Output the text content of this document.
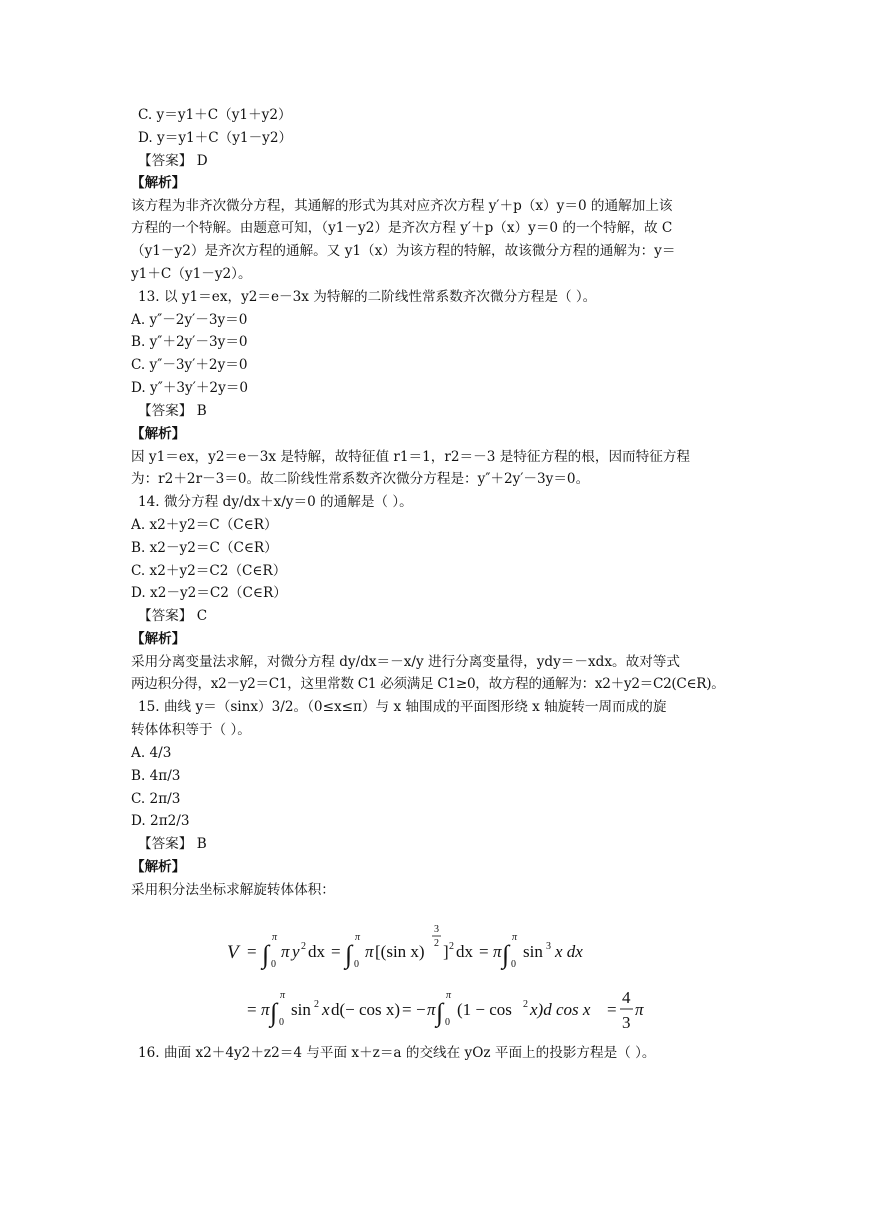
C. y＝y1＋C（y1＋y2）
D. y＝y1＋C（y1－y2）
【答案】 D
【解析】
该方程为非齐次微分方程，其通解的形式为其对应齐次方程 y′＋p（x）y＝0 的通解加上该
方程的一个特解。由题意可知，（y1－y2）是齐次方程 y′＋p（x）y＝0 的一个特解，故 C
（y1－y2）是齐次方程的通解。又 y1（x）为该方程的特解，故该微分方程的通解为：y＝
y1＋C（y1－y2）。
13. 以 y1＝ex，y2＝e－3x 为特解的二阶线性常系数齐次微分方程是（ ）。
A. y″－2y′－3y＝0
B. y″＋2y′－3y＝0
C. y″－3y′＋2y＝0
D. y″＋3y′＋2y＝0
【答案】 B
【解析】
因 y1＝ex，y2＝e－3x 是特解，故特征值 r1＝1，r2＝－3 是特征方程的根，因而特征方程
为：r2＋2r－3＝0。故二阶线性常系数齐次微分方程是：y″＋2y′－3y＝0。
14. 微分方程 dy/dx＋x/y＝0 的通解是（ ）。
A. x2＋y2＝C（C∈R）
B. x2－y2＝C（C∈R）
C. x2＋y2＝C2（C∈R）
D. x2－y2＝C2（C∈R）
【答案】 C
【解析】
采用分离变量法求解，对微分方程 dy/dx＝－x/y 进行分离变量得，ydy＝－xdx。故对等式
两边积分得，x2－y2＝C1，这里常数 C1 必须满足 C1≥0，故方程的通解为：x2＋y2＝C2(C∈R)。
15. 曲线 y＝（sinx）3/2。（0≤x≤π）与 x 轴围成的平面图形绕 x 轴旋转一周而成的旋
转体体积等于（ ）。
A. 4/3
B. 4π/3
C. 2π/3
D. 2π2/3
【答案】 B
【解析】
采用积分法坐标求解旋转体体积：
V = ∫
π
0
π y 2 dx = ∫
π
0
π [(sin x)
3
2 ] 2 dx = π ∫
π
0
sin 3 x dx
= π ∫
π
0
sin 2 x d(− cos x) = − π ∫
π
0
(1 − cos 2 x)d cos x =
4
3
π
16. 曲面 x2＋4y2＋z2＝4 与平面 x＋z＝a 的交线在 yOz 平面上的投影方程是（ ）。
